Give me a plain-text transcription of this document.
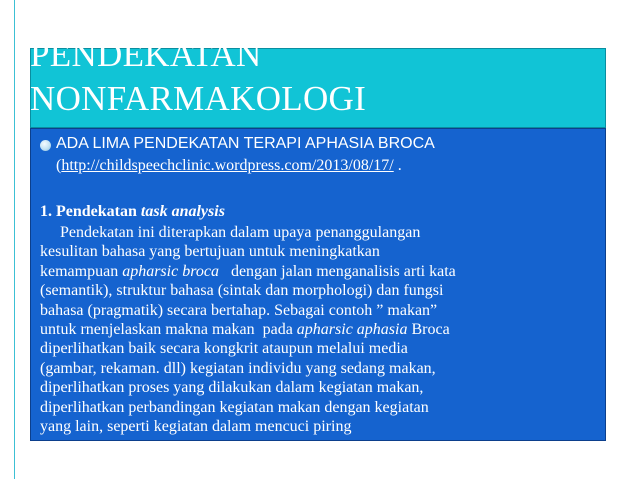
PENDEKATAN
NONFARMAKOLOGI
ADA LIMA PENDEKATAN TERAPI APHASIA BROCA
(http://childspeechclinic.wordpress.com/2013/08/17/ .
1. Pendekatan task analysis
Pendekatan ini diterapkan dalam upaya penanggulangan
kesulitan bahasa yang bertujuan untuk meningkatkan
kemampuan apharsic broca   dengan jalan menganalisis arti kata
(semantik), struktur bahasa (sintak dan morphologi) dan fungsi
bahasa (pragmatik) secara bertahap. Sebagai contoh ” makan”
untuk rnenjelaskan makna makan  pada apharsic aphasia Broca
diperlihatkan baik secara kongkrit ataupun melalui media
(gambar, rekaman. dll) kegiatan individu yang sedang makan,
diperlihatkan proses yang dilakukan dalam kegiatan makan,
diperlihatkan perbandingan kegiatan makan dengan kegiatan
yang lain, seperti kegiatan dalam mencuci piring
